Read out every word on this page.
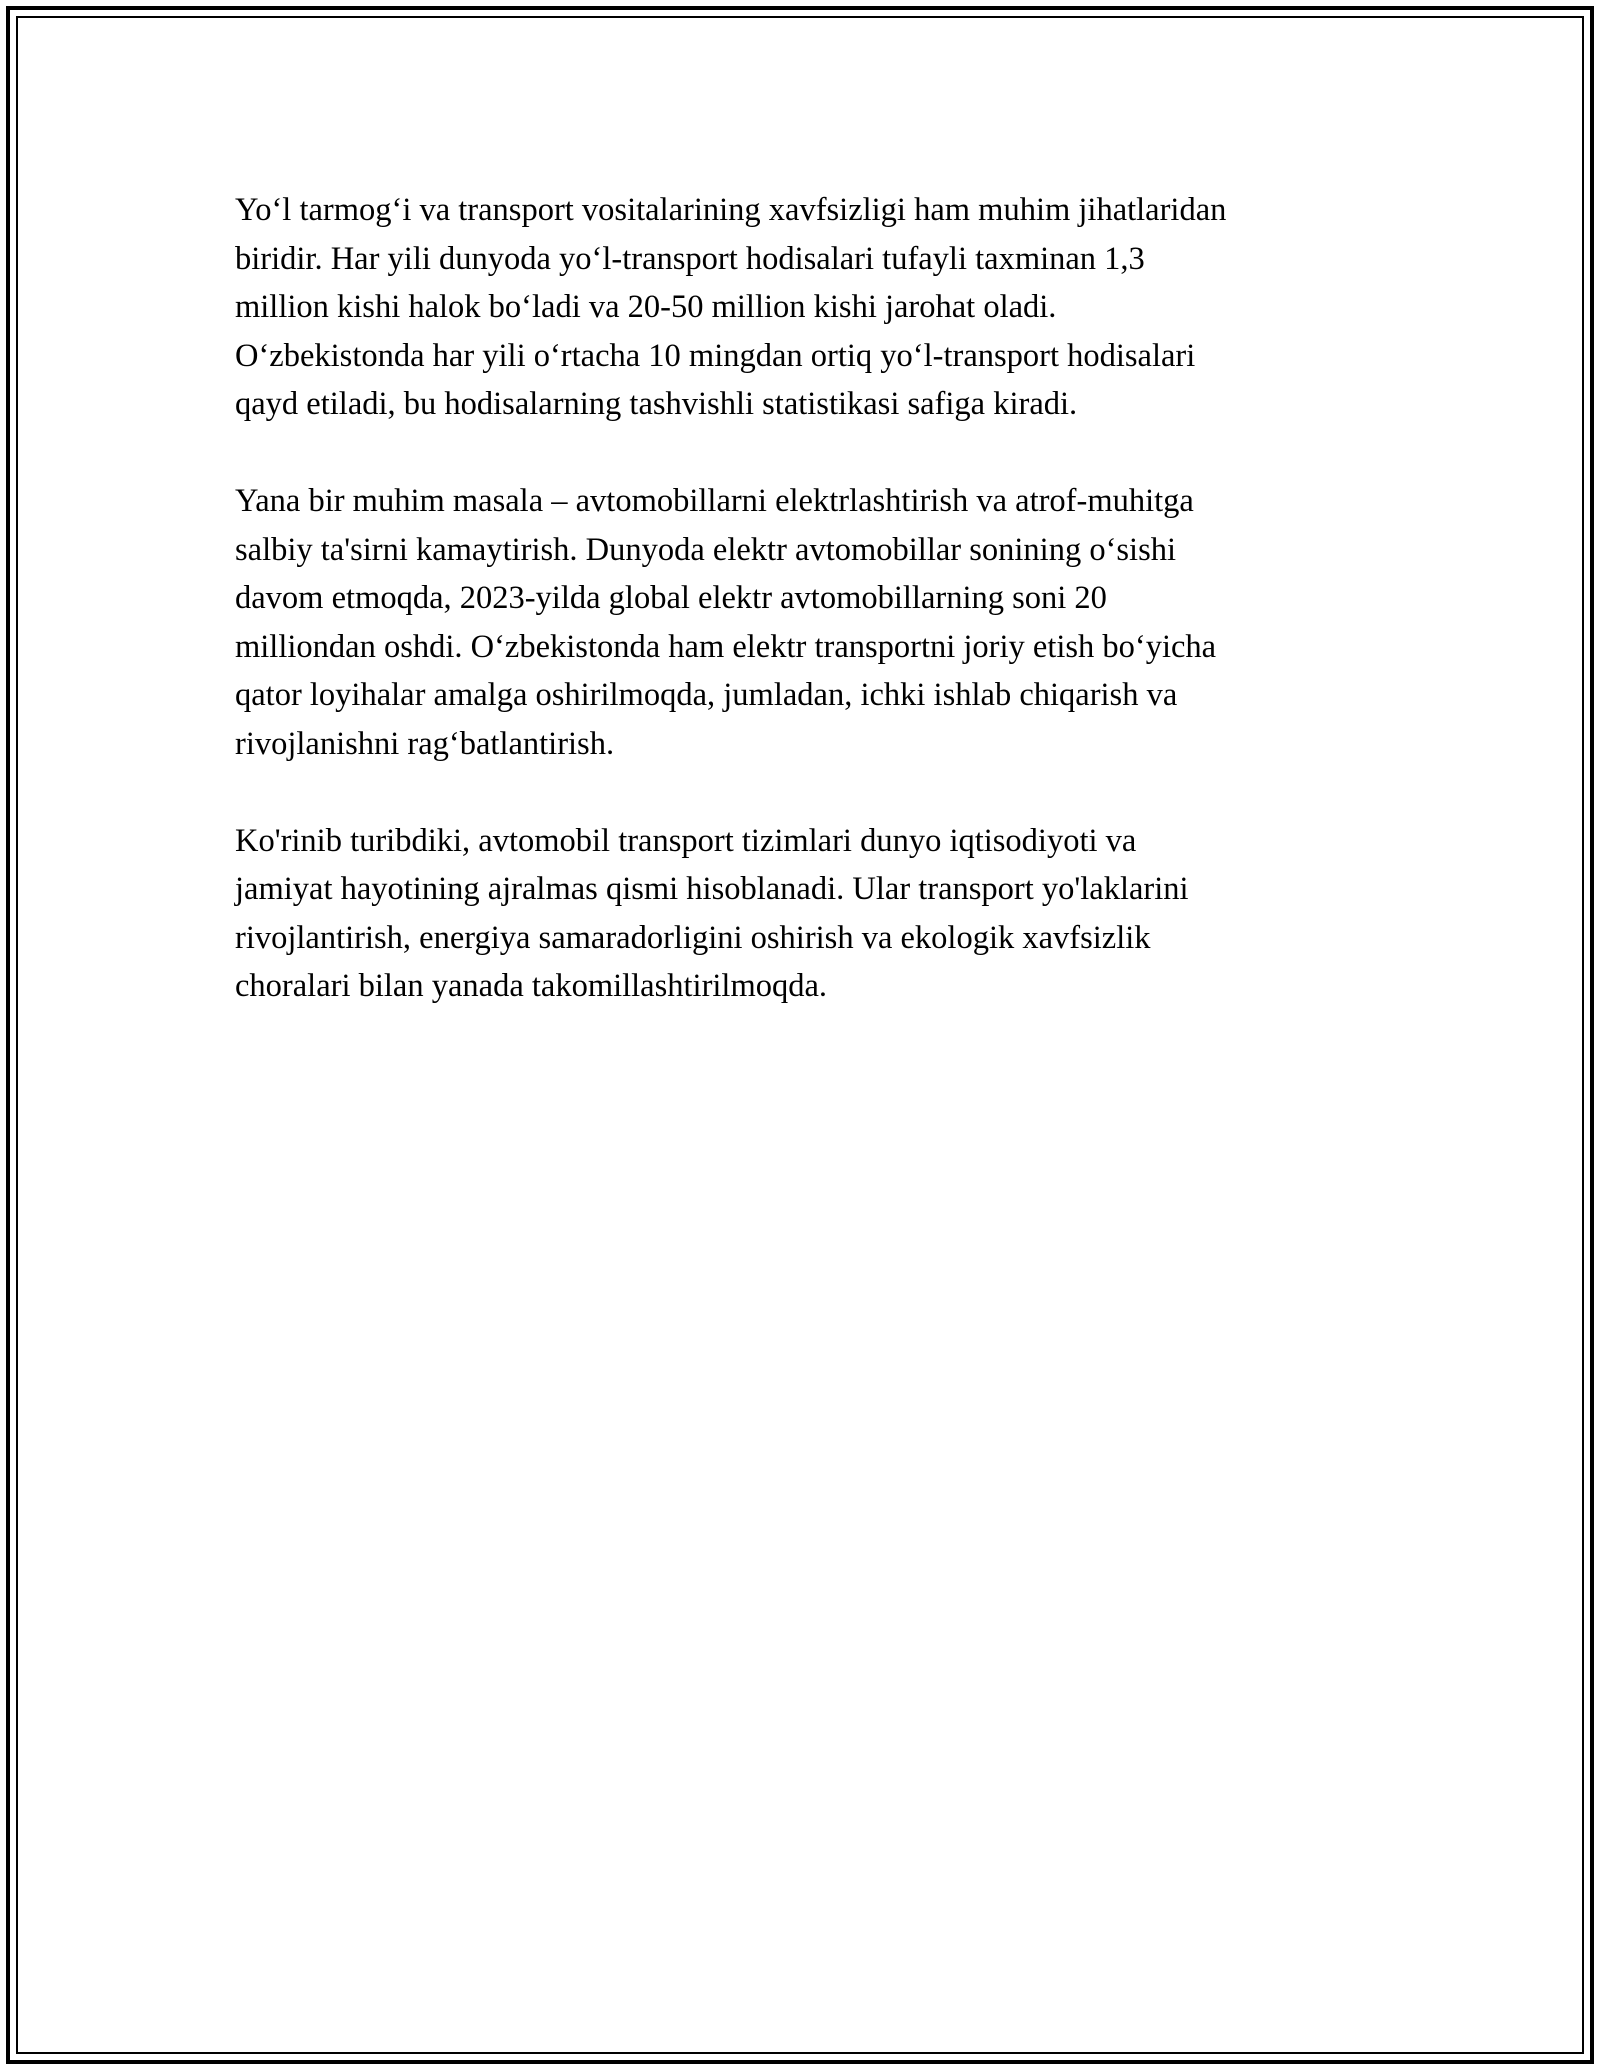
Yo‘l tarmog‘i va transport vositalarining xavfsizligi ham muhim jihatlaridan
biridir. Har yili dunyoda yo‘l-transport hodisalari tufayli taxminan 1,3
million kishi halok bo‘ladi va 20-50 million kishi jarohat oladi.
O‘zbekistonda har yili o‘rtacha 10 mingdan ortiq yo‘l-transport hodisalari
qayd etiladi, bu hodisalarning tashvishli statistikasi safiga kiradi.

Yana bir muhim masala – avtomobillarni elektrlashtirish va atrof-muhitga
salbiy ta'sirni kamaytirish. Dunyoda elektr avtomobillar sonining o‘sishi
davom etmoqda, 2023-yilda global elektr avtomobillarning soni 20
milliondan oshdi. O‘zbekistonda ham elektr transportni joriy etish bo‘yicha
qator loyihalar amalga oshirilmoqda, jumladan, ichki ishlab chiqarish va
rivojlanishni rag‘batlantirish.

Ko'rinib turibdiki, avtomobil transport tizimlari dunyo iqtisodiyoti va
jamiyat hayotining ajralmas qismi hisoblanadi. Ular transport yo'laklarini
rivojlantirish, energiya samaradorligini oshirish va ekologik xavfsizlik
choralari bilan yanada takomillashtirilmoqda.
